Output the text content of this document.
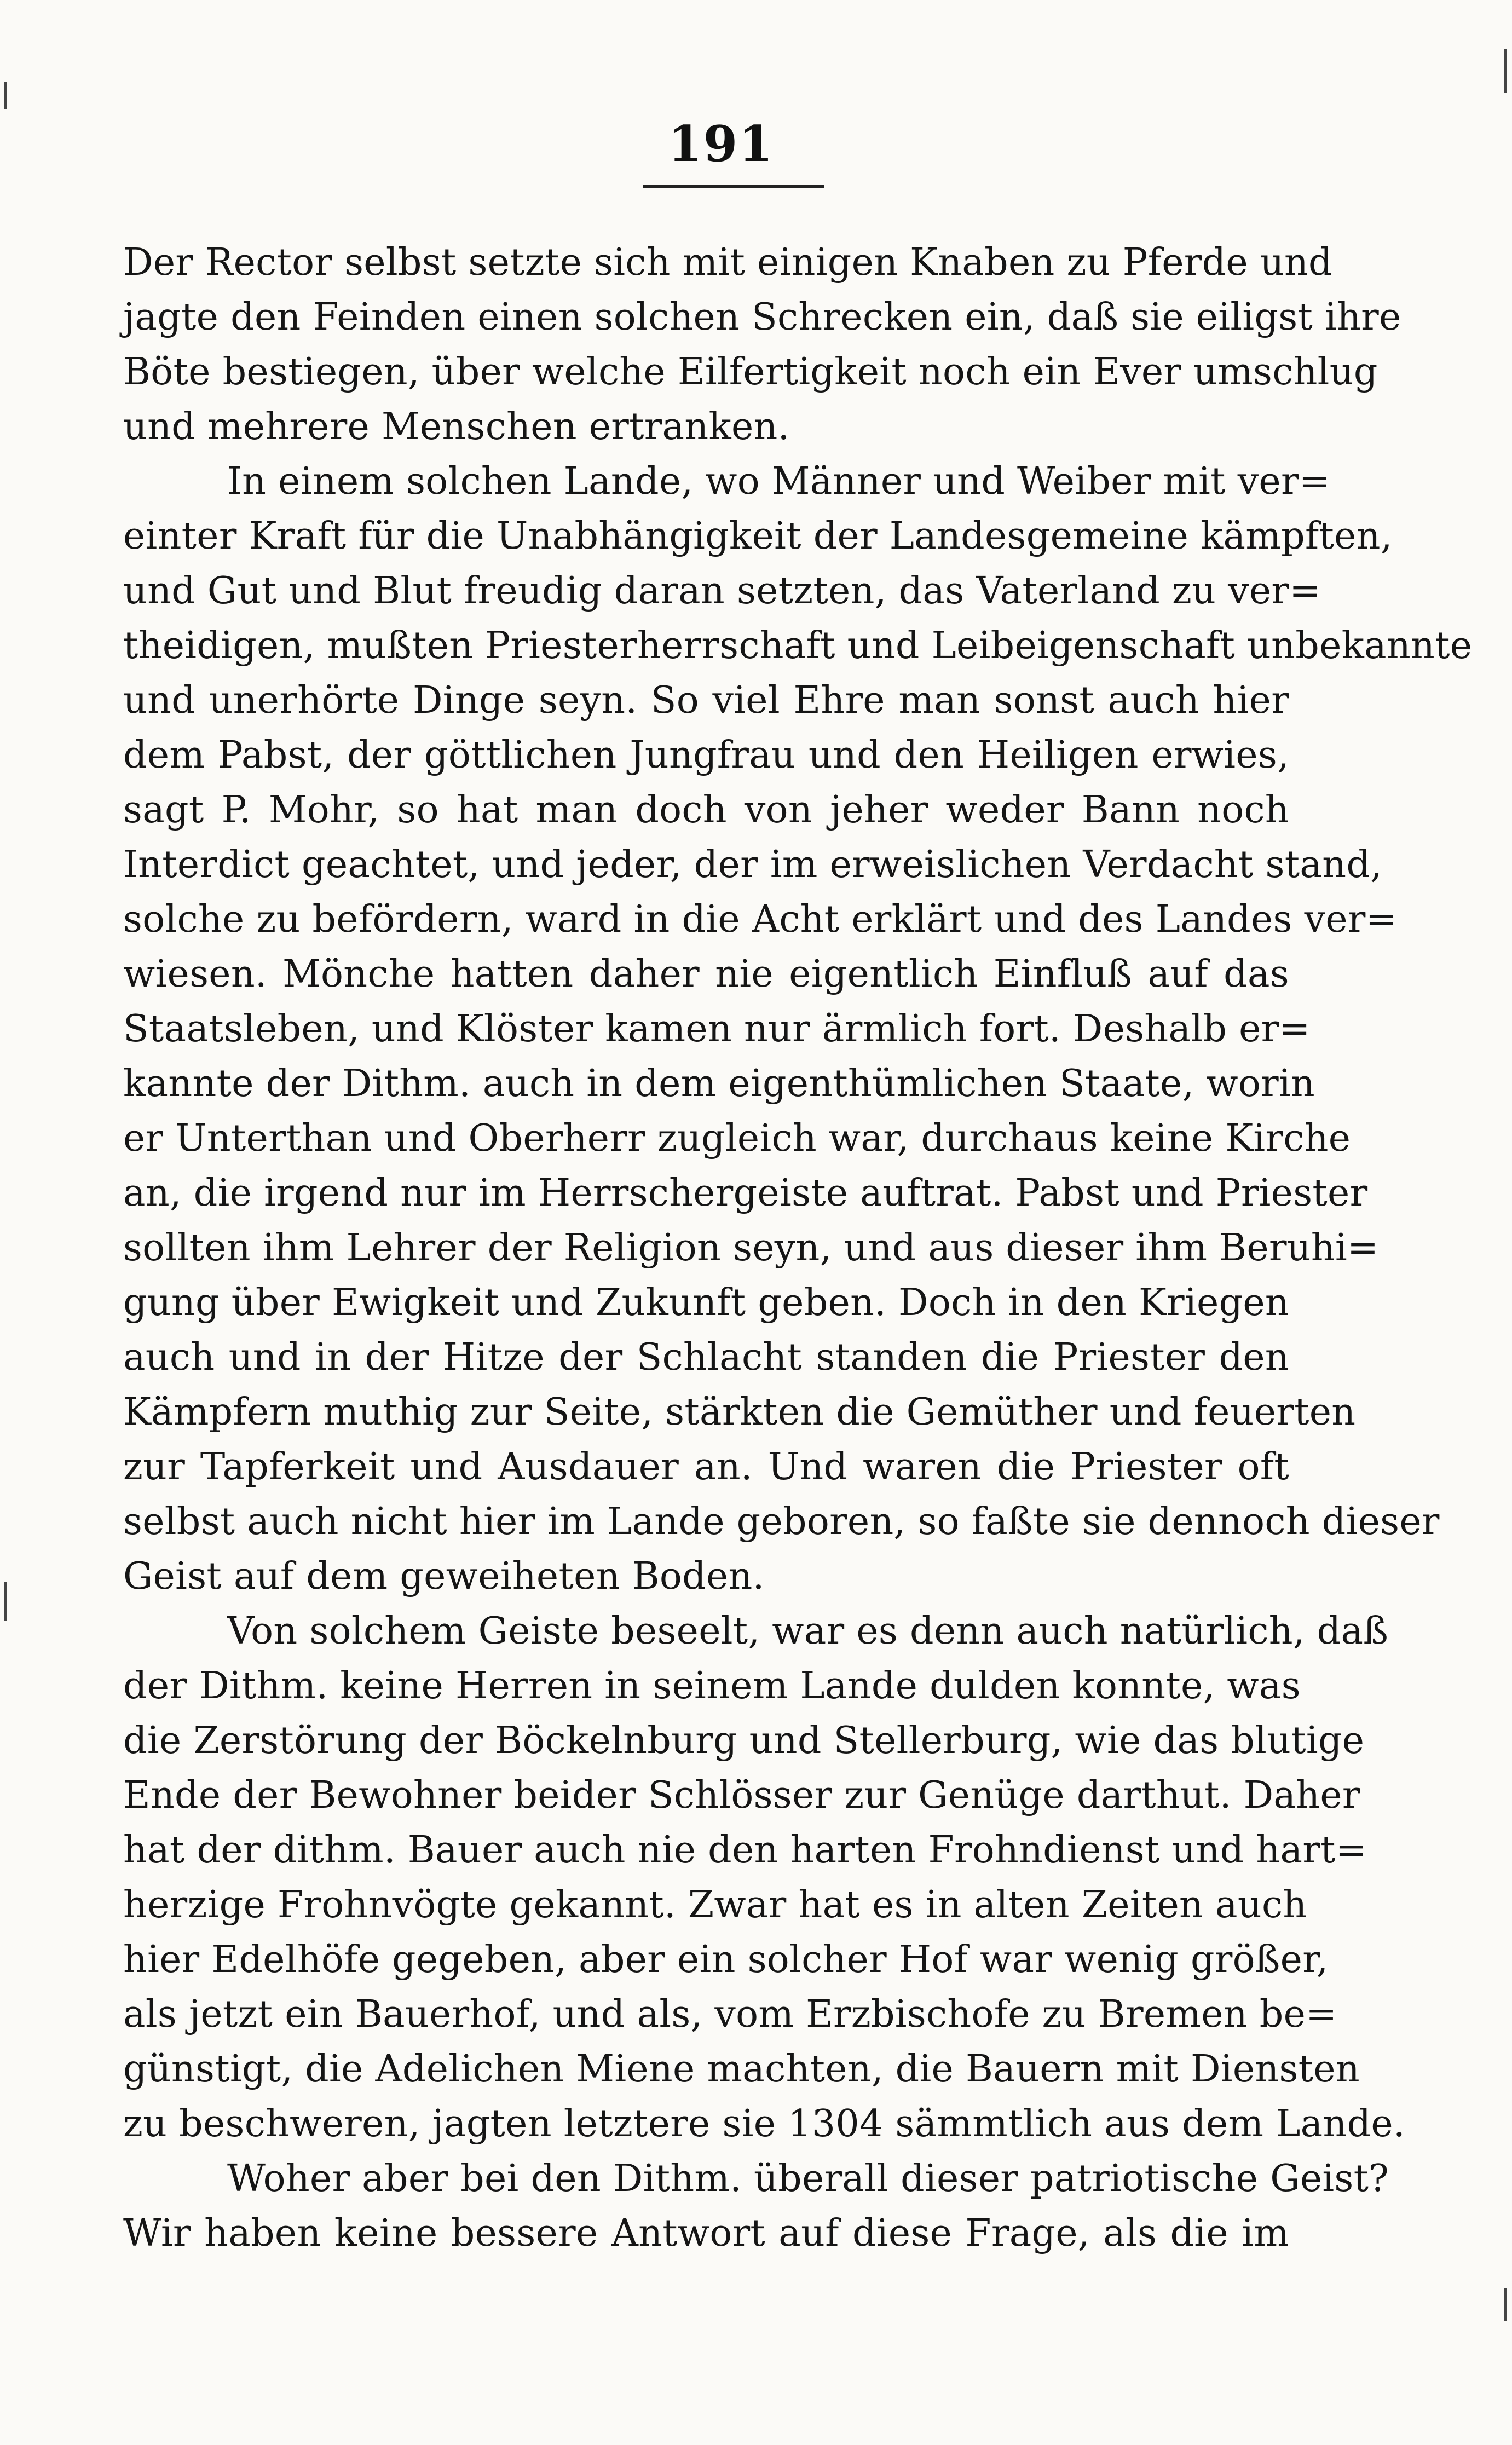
191
Der Rector selbst setzte sich mit einigen Knaben zu Pferde und
jagte den Feinden einen solchen Schrecken ein, daß sie eiligst ihre
Böte bestiegen, über welche Eilfertigkeit noch ein Ever umschlug
und mehrere Menschen ertranken.
In einem solchen Lande, wo Männer und Weiber mit ver=
einter Kraft für die Unabhängigkeit der Landesgemeine kämpften,
und Gut und Blut freudig daran setzten, das Vaterland zu ver=
theidigen, mußten Priesterherrschaft und Leibeigenschaft unbekannte
und unerhörte Dinge seyn. So viel Ehre man sonst auch hier
dem Pabst, der göttlichen Jungfrau und den Heiligen erwies,
sagt P. Mohr, so hat man doch von jeher weder Bann noch
Interdict geachtet, und jeder, der im erweislichen Verdacht stand,
solche zu befördern, ward in die Acht erklärt und des Landes ver=
wiesen. Mönche hatten daher nie eigentlich Einfluß auf das
Staatsleben, und Klöster kamen nur ärmlich fort. Deshalb er=
kannte der Dithm. auch in dem eigenthümlichen Staate, worin
er Unterthan und Oberherr zugleich war, durchaus keine Kirche
an, die irgend nur im Herrschergeiste auftrat. Pabst und Priester
sollten ihm Lehrer der Religion seyn, und aus dieser ihm Beruhi=
gung über Ewigkeit und Zukunft geben. Doch in den Kriegen
auch und in der Hitze der Schlacht standen die Priester den
Kämpfern muthig zur Seite, stärkten die Gemüther und feuerten
zur Tapferkeit und Ausdauer an. Und waren die Priester oft
selbst auch nicht hier im Lande geboren, so faßte sie dennoch dieser
Geist auf dem geweiheten Boden.
Von solchem Geiste beseelt, war es denn auch natürlich, daß
der Dithm. keine Herren in seinem Lande dulden konnte, was
die Zerstörung der Böckelnburg und Stellerburg, wie das blutige
Ende der Bewohner beider Schlösser zur Genüge darthut. Daher
hat der dithm. Bauer auch nie den harten Frohndienst und hart=
herzige Frohnvögte gekannt. Zwar hat es in alten Zeiten auch
hier Edelhöfe gegeben, aber ein solcher Hof war wenig größer,
als jetzt ein Bauerhof, und als, vom Erzbischofe zu Bremen be=
günstigt, die Adelichen Miene machten, die Bauern mit Diensten
zu beschweren, jagten letztere sie 1304 sämmtlich aus dem Lande.
Woher aber bei den Dithm. überall dieser patriotische Geist?
Wir haben keine bessere Antwort auf diese Frage, als die im
